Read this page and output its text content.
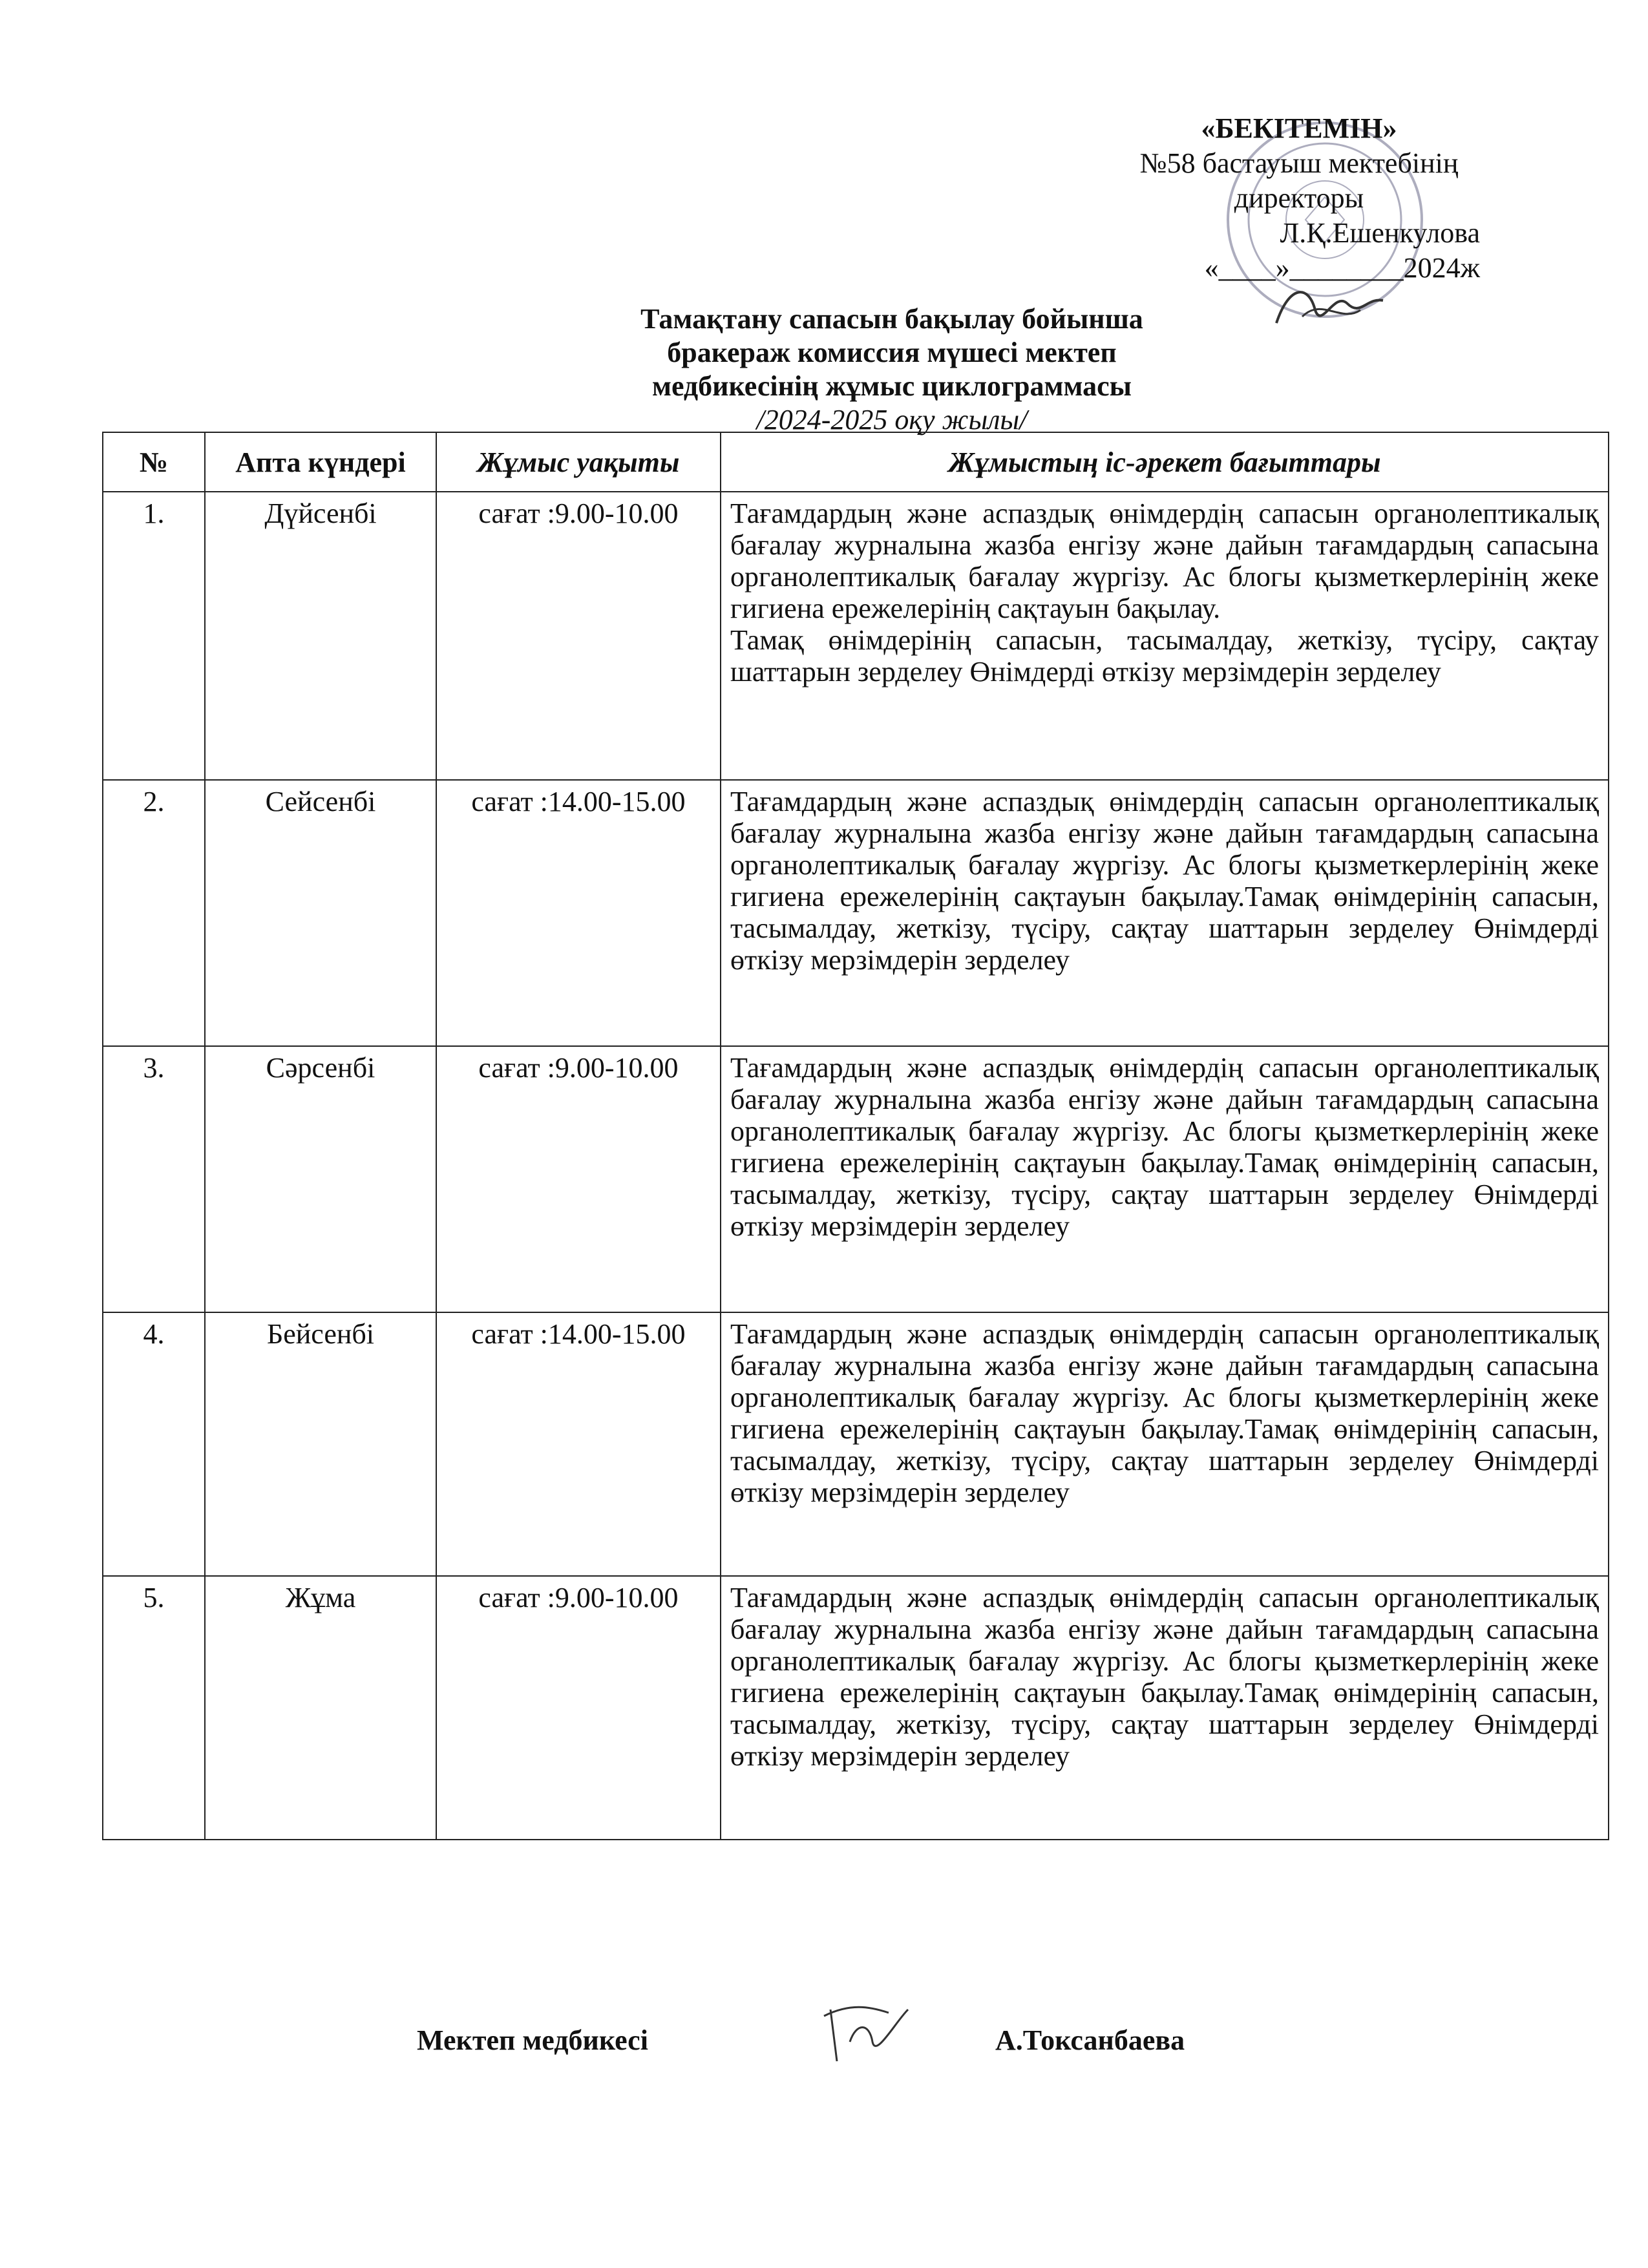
«БЕКІТЕМІН»
№58 бастауыш мектебінің
директоры
Л.Қ.Ешенкулова
«____»________2024ж
Тамақтану сапасын бақылау бойынша
бракераж комиссия мүшесі мектеп
медбикесінің жұмыс циклограммасы
/2024-2025 оқу жылы/
№	Апта күндері	Жұмыс уақыты	Жұмыстың іс-әрекет бағыттары
1.	Дүйсенбі	сағат :9.00-10.00	Тағамдардың және аспаздық өнімдердің сапасын органолептикалық бағалау журналына жазба енгізу және дайын тағамдардың сапасына органолептикалық бағалау жүргізу. Ас блогы қызметкерлерінің жеке гигиена ережелерінің сақтауын бақылау.
Тамақ өнімдерінің сапасын, тасымалдау, жеткізу, түсіру, сақтау шаттарын зерделеу Өнімдерді өткізу мерзімдерін зерделеу

2.	Сейсенбі	сағат :14.00-15.00	Тағамдардың және аспаздық өнімдердің сапасын органолептикалық бағалау журналына жазба енгізу және дайын тағамдардың сапасына органолептикалық бағалау жүргізу. Ас блогы қызметкерлерінің жеке гигиена ережелерінің сақтауын бақылау.Тамақ өнімдерінің сапасын, тасымалдау, жеткізу, түсіру, сақтау шаттарын зерделеу Өнімдерді өткізу мерзімдерін зерделеу
3.	Сәрсенбі	сағат :9.00-10.00	Тағамдардың және аспаздық өнімдердің сапасын органолептикалық бағалау журналына жазба енгізу және дайын тағамдардың сапасына органолептикалық бағалау жүргізу. Ас блогы қызметкерлерінің жеке гигиена ережелерінің сақтауын бақылау.Тамақ өнімдерінің сапасын, тасымалдау, жеткізу, түсіру, сақтау шаттарын зерделеу Өнімдерді өткізу мерзімдерін зерделеу
4.	Бейсенбі	сағат :14.00-15.00	Тағамдардың және аспаздық өнімдердің сапасын органолептикалық бағалау журналына жазба енгізу және дайын тағамдардың сапасына органолептикалық бағалау жүргізу. Ас блогы қызметкерлерінің жеке гигиена ережелерінің сақтауын бақылау.Тамақ өнімдерінің сапасын, тасымалдау, жеткізу, түсіру, сақтау шаттарын зерделеу Өнімдерді өткізу мерзімдерін зерделеу
5.	Жұма	сағат :9.00-10.00	Тағамдардың және аспаздық өнімдердің сапасын органолептикалық бағалау журналына жазба енгізу және дайын тағамдардың сапасына органолептикалық бағалау жүргізу. Ас блогы қызметкерлерінің жеке гигиена ережелерінің сақтауын бақылау.Тамақ өнімдерінің сапасын, тасымалдау, жеткізу, түсіру, сақтау шаттарын зерделеу Өнімдерді өткізу мерзімдерін зерделеу
Мектеп медбикесі	А.Токсанбаева
